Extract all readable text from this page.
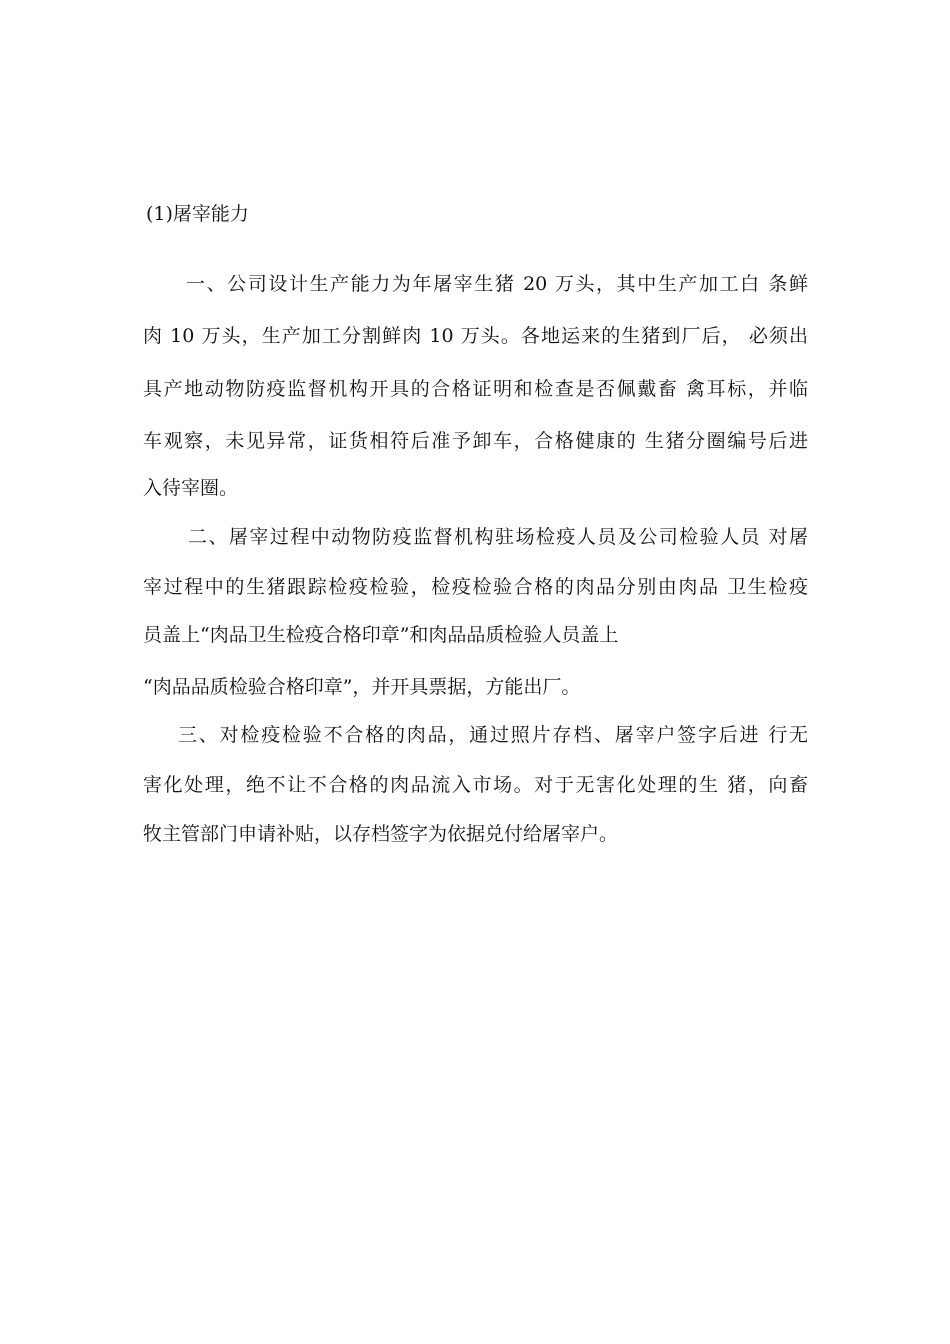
(1)屠宰能力
一、公司设计生产能力为年屠宰生猪 20 万头，其中生产加工白 条鲜
肉 10 万头，生产加工分割鲜肉 10 万头。各地运来的生猪到厂后， 必须出
具产地动物防疫监督机构开具的合格证明和检查是否佩戴畜 禽耳标，并临
车观察，未见异常，证货相符后准予卸车，合格健康的 生猪分圈编号后进
入待宰圈。
二、屠宰过程中动物防疫监督机构驻场检疫人员及公司检验人员 对屠
宰过程中的生猪跟踪检疫检验，检疫检验合格的肉品分别由肉品 卫生检疫
员盖上“肉品卫生检疫合格印章”和肉品品质检验人员盖上
“肉品品质检验合格印章”，并开具票据，方能出厂。
三、对检疫检验不合格的肉品，通过照片存档、屠宰户签字后进 行无
害化处理，绝不让不合格的肉品流入市场。对于无害化处理的生 猪，向畜
牧主管部门申请补贴，以存档签字为依据兑付给屠宰户。
